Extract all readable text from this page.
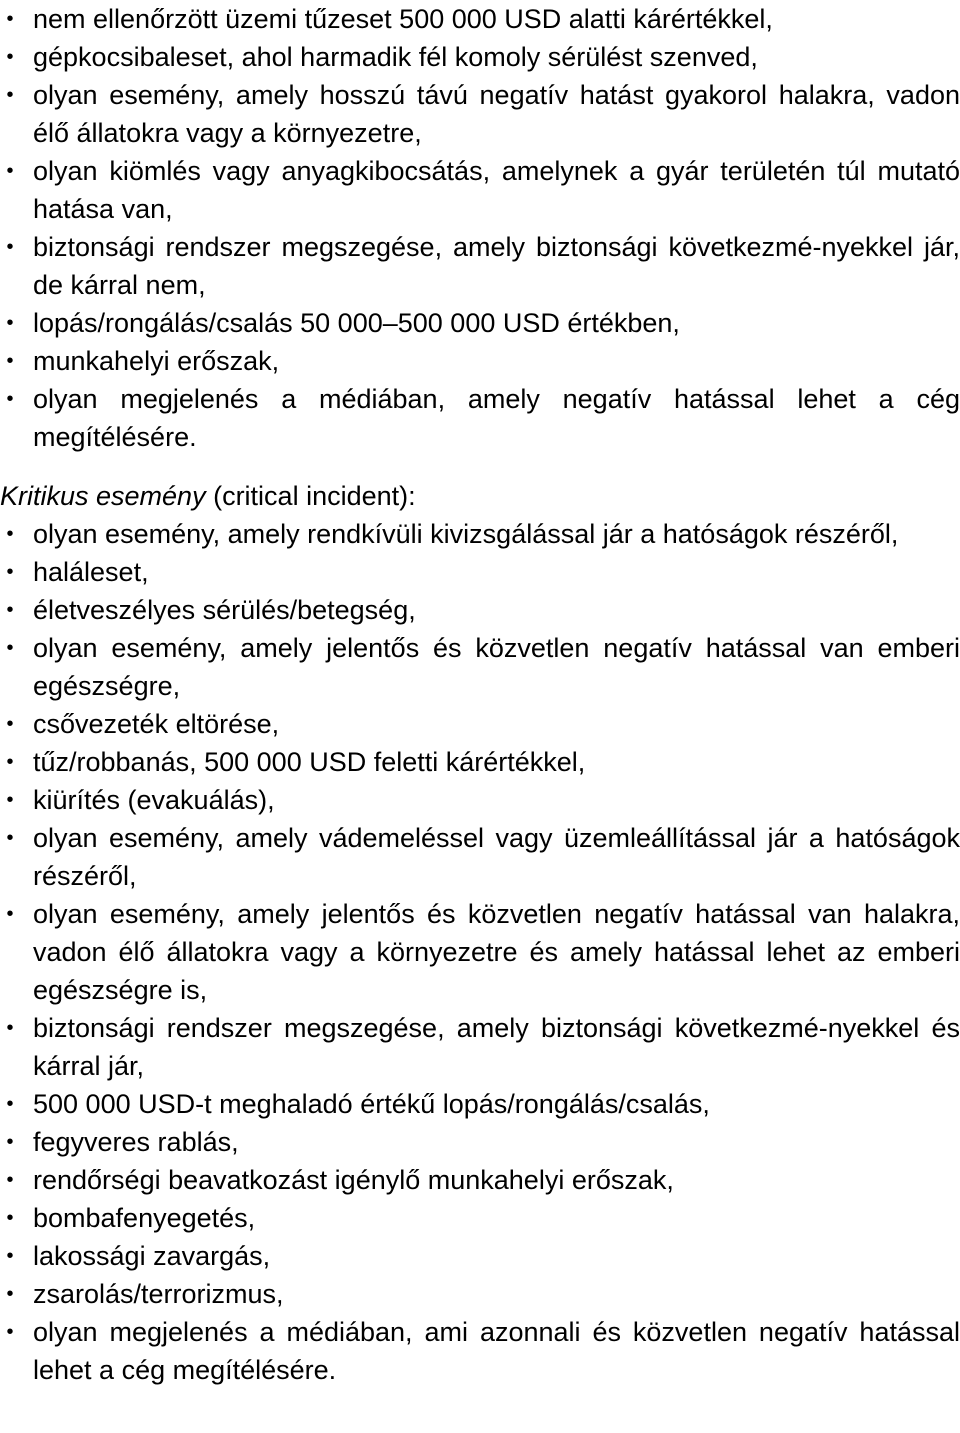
• nem ellenőrzött üzemi tűzeset 500 000 USD alatti kárértékkel,
• gépkocsibaleset, ahol harmadik fél komoly sérülést szenved,
• olyan esemény, amely hosszú távú negatív hatást gyakorol halakra, vadon élő állatokra vagy a környezetre,
• olyan kiömlés vagy anyagkibocsátás, amelynek a gyár területén túl mutató hatása van,
• biztonsági rendszer megszegése, amely biztonsági következmé-nyekkel jár, de kárral nem,
• lopás/rongálás/csalás 50 000–500 000 USD értékben,
• munkahelyi erőszak,
• olyan megjelenés a médiában, amely negatív hatással lehet a cég megítélésére.
Kritikus esemény (critical incident):
• olyan esemény, amely rendkívüli kivizsgálással jár a hatóságok részéről,
• haláleset,
• életveszélyes sérülés/betegség,
• olyan esemény, amely jelentős és közvetlen negatív hatással van emberi egészségre,
• csővezeték eltörése,
• tűz/robbanás, 500 000 USD feletti kárértékkel,
• kiürítés (evakuálás),
• olyan esemény, amely vádemeléssel vagy üzemleállítással jár a hatóságok részéről,
• olyan esemény, amely jelentős és közvetlen negatív hatással van halakra, vadon élő állatokra vagy a környezetre és amely hatással lehet az emberi egészségre is,
• biztonsági rendszer megszegése, amely biztonsági következmé-nyekkel és kárral jár,
• 500 000 USD-t meghaladó értékű lopás/rongálás/csalás,
• fegyveres rablás,
• rendőrségi beavatkozást igénylő munkahelyi erőszak,
• bombafenyegetés,
• lakossági zavargás,
• zsarolás/terrorizmus,
• olyan megjelenés a médiában, ami azonnali és közvetlen negatív hatással lehet a cég megítélésére.
